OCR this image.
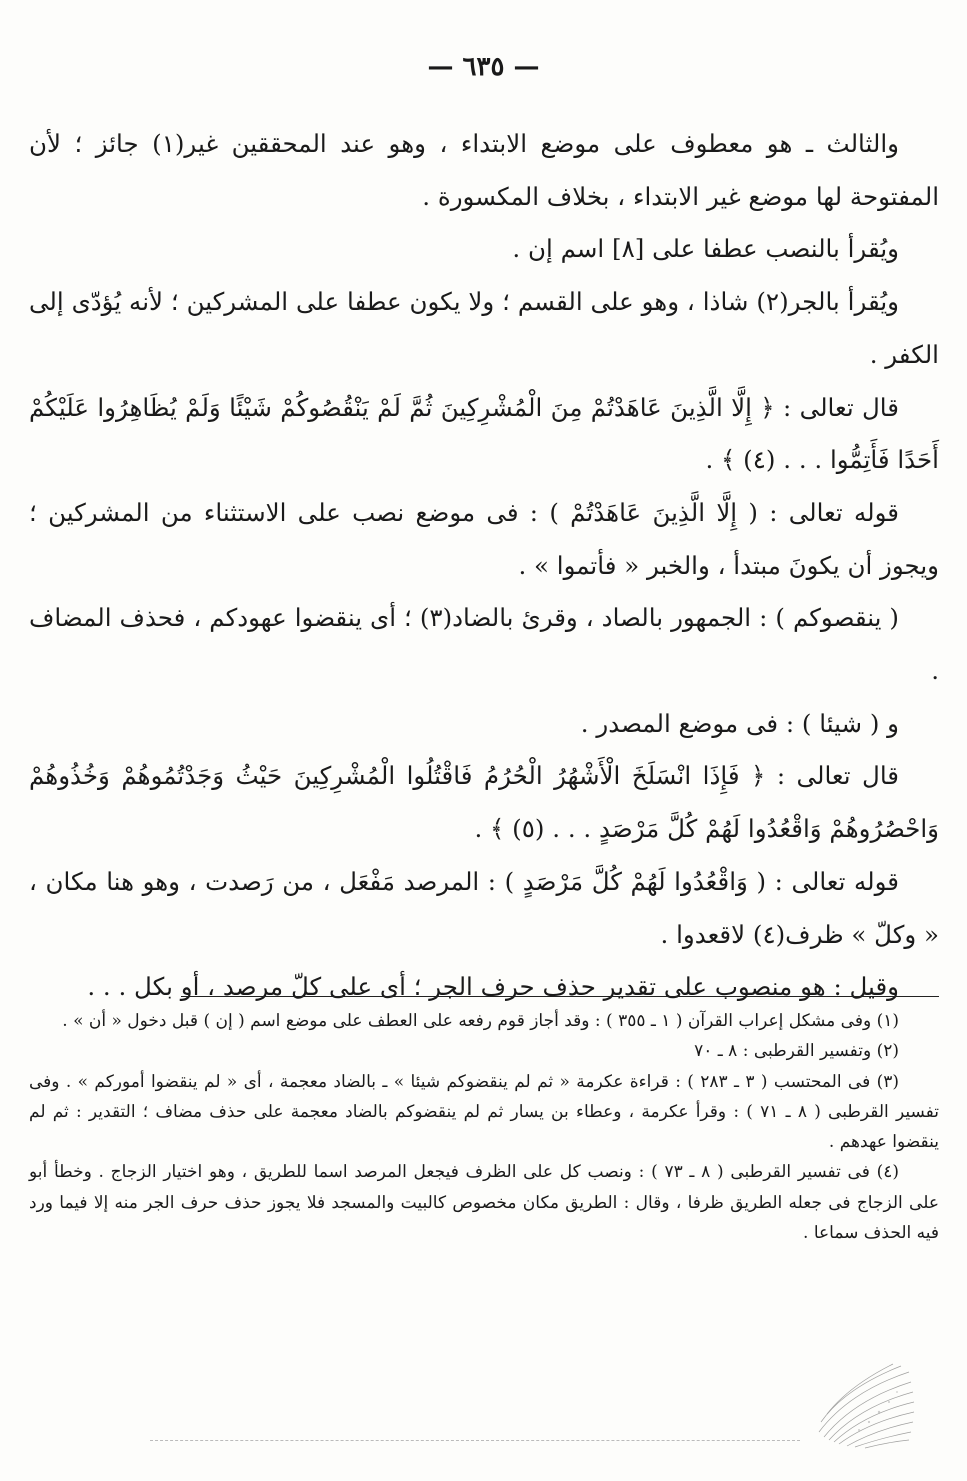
— ٦٣٥ —

والثالث ـ هو معطوف على موضع الابتداء ، وهو عند المحققين غير(١) جائز ؛ لأن المفتوحة لها موضع غير الابتداء ، بخلاف المكسورة .

ويُقرأ بالنصب عطفا على [٨] اسم إن .

ويُقرأ بالجر(٢) شاذا ، وهو على القسم ؛ ولا يكون عطفا على المشركين ؛ لأنه يُؤدّى إلى الكفر .

قال تعالى : ﴿ إِلَّا الَّذِينَ عَاهَدْتُمْ مِنَ الْمُشْرِكِينَ ثُمَّ لَمْ يَنْقُصُوكُمْ شَيْئًا وَلَمْ يُظَاهِرُوا عَلَيْكُمْ أَحَدًا فَأَتِمُّوا . . . (٤) ﴾ .

قوله تعالى : ( إِلَّا الَّذِينَ عَاهَدْتُمْ ) : فى موضع نصب على الاستثناء من المشركين ؛ ويجوز أن يكونَ مبتدأ ، والخبر « فأتموا » .

( ينقصوكم ) : الجمهور بالصاد ، وقرئ بالضاد(٣) ؛ أى ينقضوا عهودكم ، فحذف المضاف .

و ( شيئا ) : فى موضع المصدر .

قال تعالى : ﴿ فَإِذَا انْسَلَخَ الْأَشْهُرُ الْحُرُمُ فَاقْتُلُوا الْمُشْرِكِينَ حَيْثُ وَجَدْتُمُوهُمْ وَخُذُوهُمْ وَاحْصُرُوهُمْ وَاقْعُدُوا لَهُمْ كُلَّ مَرْصَدٍ . . . (٥) ﴾ .

قوله تعالى : ( وَاقْعُدُوا لَهُمْ كُلَّ مَرْصَدٍ ) : المرصد مَفْعَل ، من رَصدت ، وهو هنا مكان ، « وكلّ » ظرف(٤) لاقعدوا .

وقيل : هو منصوب على تقدير حذف حرف الجر ؛ أى على كلّ مرصد ، أو بكل . . .

(١) وفى مشكل إعراب القرآن ( ١ ـ ٣٥٥ ) : وقد أجاز قوم رفعه على العطف على موضع اسم ( إن ) قبل دخول « أن » .

(٢) وتفسير القرطبى : ٨ ـ ٧٠

(٣) فى المحتسب ( ٣ ـ ٢٨٣ ) : قراءة عكرمة « ثم لم ينقضوكم شيئا » ـ بالضاد معجمة ، أى « لم ينقضوا أموركم » . وفى تفسير القرطبى ( ٨ ـ ٧١ ) : وقرأ عكرمة ، وعطاء بن يسار ثم لم ينقضوكم بالضاد معجمة على حذف مضاف ؛ التقدير : ثم لم ينقضوا عهدهم .

(٤) فى تفسير القرطبى ( ٨ ـ ٧٣ ) : ونصب كل على الظرف فيجعل المرصد اسما للطريق ، وهو اختيار الزجاج . وخطأ أبو على الزجاج فى جعله الطريق ظرفا ، وقال : الطريق مكان مخصوص كالبيت والمسجد فلا يجوز حذف حرف الجر منه إلا فيما ورد فيه الحذف سماعا .
